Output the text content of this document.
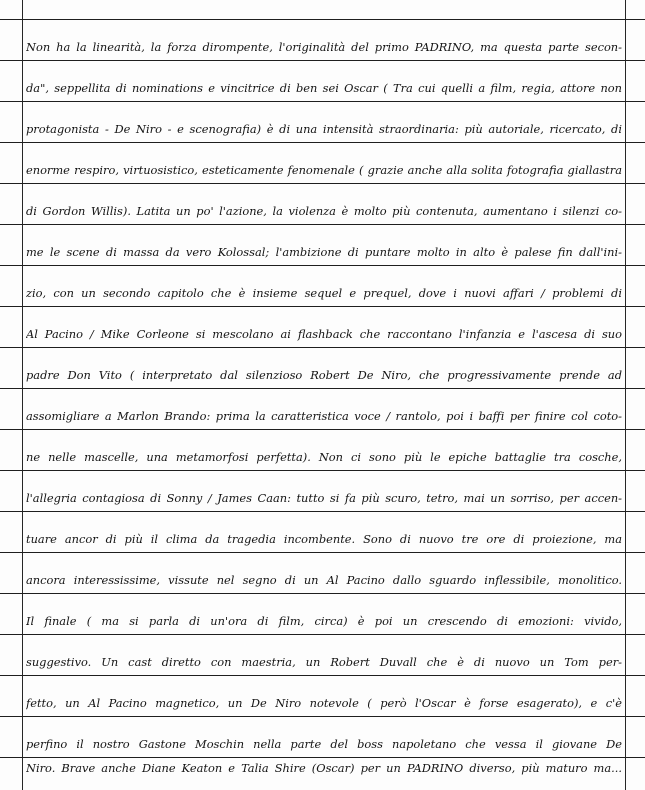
Non ha la linearità, la forza dirompente, l'originalità del primo PADRINO, ma questa parte secon-
da", seppellita di nominations e vincitrice di ben sei Oscar ( Tra cui quelli a film, regia, attore non
protagonista - De Niro - e scenografia) è di una intensità straordinaria: più autoriale, ricercato, di
enorme respiro, virtuosistico, esteticamente fenomenale ( grazie anche alla solita fotografia giallastra
di Gordon Willis). Latita un po' l'azione, la violenza è molto più contenuta, aumentano i silenzi co-
me le scene di massa da vero Kolossal; l'ambizione di puntare molto in alto è palese fin dall'ini-
zio, con un secondo capitolo che è insieme sequel e prequel, dove i nuovi affari / problemi di
Al Pacino / Mike Corleone si mescolano ai flashback che raccontano l'infanzia e l'ascesa di suo
padre Don Vito ( interpretato dal silenzioso Robert De Niro, che progressivamente prende ad
assomigliare a Marlon Brando: prima la caratteristica voce / rantolo, poi i baffi per finire col coto-
ne nelle mascelle, una metamorfosi perfetta). Non ci sono più le epiche battaglie tra cosche,
l'allegria contagiosa di Sonny / James Caan: tutto si fa più scuro, tetro, mai un sorriso, per accen-
tuare ancor di più il clima da tragedia incombente. Sono di nuovo tre ore di proiezione, ma
ancora interessissime, vissute nel segno di un Al Pacino dallo sguardo inflessibile, monolitico.
Il finale ( ma si parla di un'ora di film, circa) è poi un crescendo di emozioni: vivido,
suggestivo. Un cast diretto con maestria, un Robert Duvall che è di nuovo un Tom per-
fetto, un Al Pacino magnetico, un De Niro notevole ( però l'Oscar è forse esagerato), e c'è
perfino il nostro Gastone Moschin nella parte del boss napoletano che vessa il giovane De
Niro. Brave anche Diane Keaton e Talia Shire (Oscar) per un PADRINO diverso, più maturo ma...
